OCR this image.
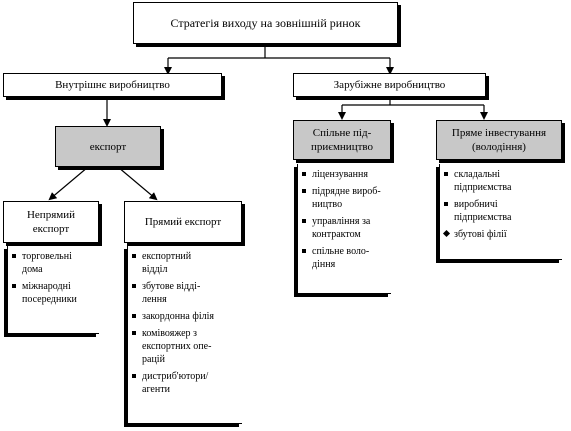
Стратегія виходу на зовнішній ринок
Внутрішнє виробництво	Зарубіжне виробництво
експорт
Непрямий
експорт
Прямий експорт
Спільне під-
приємництво
Пряме інвестування
(володіння)
торговельні
дома
міжнародні
посередники
експортний
відділ
збутове відді-
лення
закордонна філія
комівояжер з
експортних опе-
рацій
дистриб'ютори/
агенти
ліцензування
підрядне вироб-
ництво
управління за
контрактом
спільне воло-
діння
складальні
підприємства
виробничі
підприємства
збутові філії
